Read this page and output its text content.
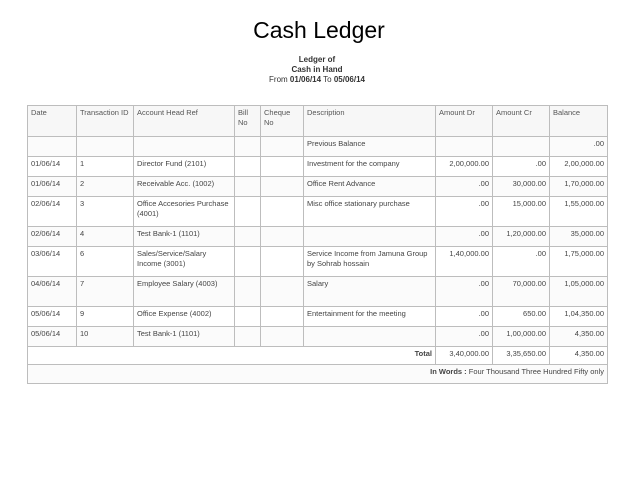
Cash Ledger
Ledger of
Cash in Hand
From 01/06/14 To 05/06/14
Date	Transaction ID	Account Head Ref	Bill No	Cheque No	Description	Amount Dr	Amount Cr	Balance
					Previous Balance			.00
01/06/14	1	Director Fund (2101)			Investment for the company	2,00,000.00	.00	2,00,000.00
01/06/14	2	Receivable Acc. (1002)			Office Rent Advance	.00	30,000.00	1,70,000.00
02/06/14	3	Office Accesories Purchase (4001)			Misc office stationary purchase	.00	15,000.00	1,55,000.00
02/06/14	4	Test Bank-1 (1101)				.00	1,20,000.00	35,000.00
03/06/14	6	Sales/Service/Salary Income (3001)			Service Income from Jamuna Group by Sohrab hossain	1,40,000.00	.00	1,75,000.00
04/06/14	7	Employee Salary (4003)			Salary	.00	70,000.00	1,05,000.00
05/06/14	9	Office Expense (4002)			Entertainment for the meeting	.00	650.00	1,04,350.00
05/06/14	10	Test Bank-1 (1101)				.00	1,00,000.00	4,350.00
Total						3,40,000.00	3,35,650.00	4,350.00
In Words : Four Thousand Three Hundred Fifty only								
